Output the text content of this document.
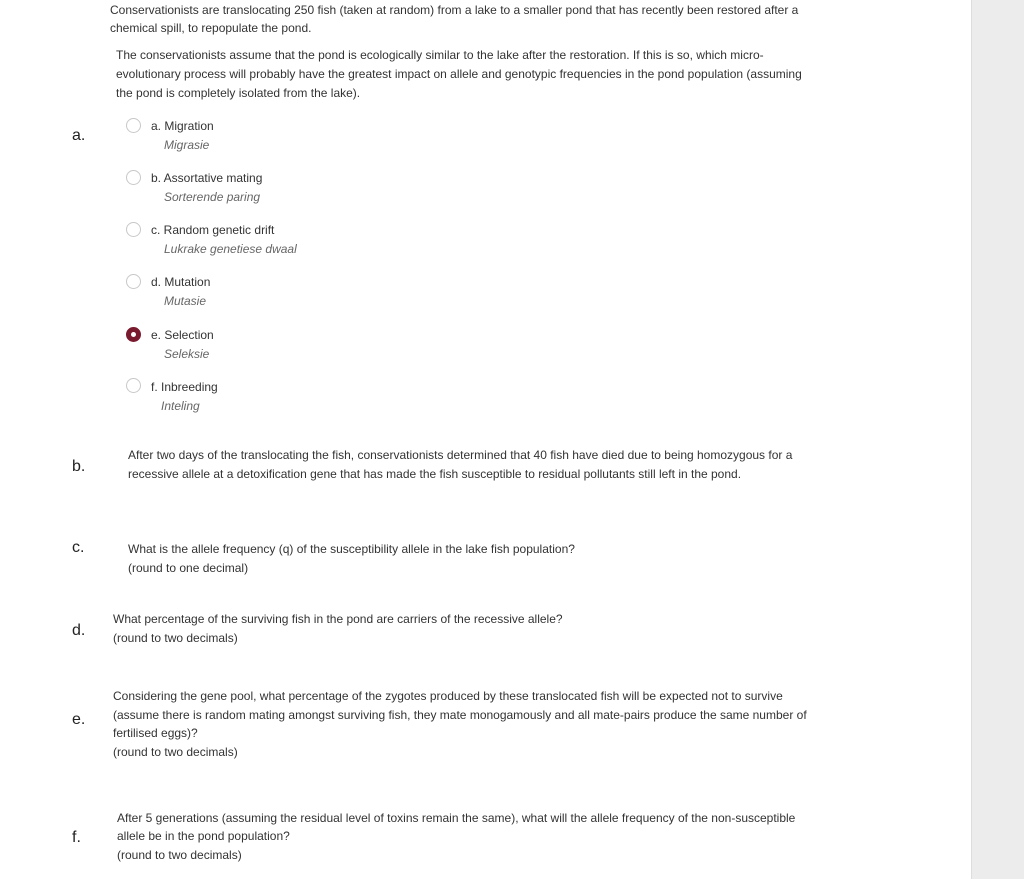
Conservationists are translocating 250 fish (taken at random) from a lake to a smaller pond that has recently been restored after a

chemical spill, to repopulate the pond.

The conservationists assume that the pond is ecologically similar to the lake after the restoration. If this is so, which micro-

evolutionary process will probably have the greatest impact on allele and genotypic frequencies in the pond population (assuming

the pond is completely isolated from the lake).

a.
a. Migration
Migrasie
b. Assortative mating
Sorterende paring
c. Random genetic drift
Lukrake genetiese dwaal
d. Mutation
Mutasie
e. Selection
Seleksie
f. Inbreeding
Inteling
b.

After two days of the translocating the fish, conservationists determined that 40 fish have died due to being homozygous for a

recessive allele at a detoxification gene that has made the fish susceptible to residual pollutants still left in the pond.

c.	What is the allele frequency (q) of the susceptibility allele in the lake fish population?

(round to one decimal)

d.

What percentage of the surviving fish in the pond are carriers of the recessive allele?

(round to two decimals)

e.

Considering the gene pool, what percentage of the zygotes produced by these translocated fish will be expected not to survive

(assume there is random mating amongst surviving fish, they mate monogamously and all mate-pairs produce the same number of

fertilised eggs)?

(round to two decimals)

f.

After 5 generations (assuming the residual level of toxins remain the same), what will the allele frequency of the non-susceptible

allele be in the pond population?

(round to two decimals)
